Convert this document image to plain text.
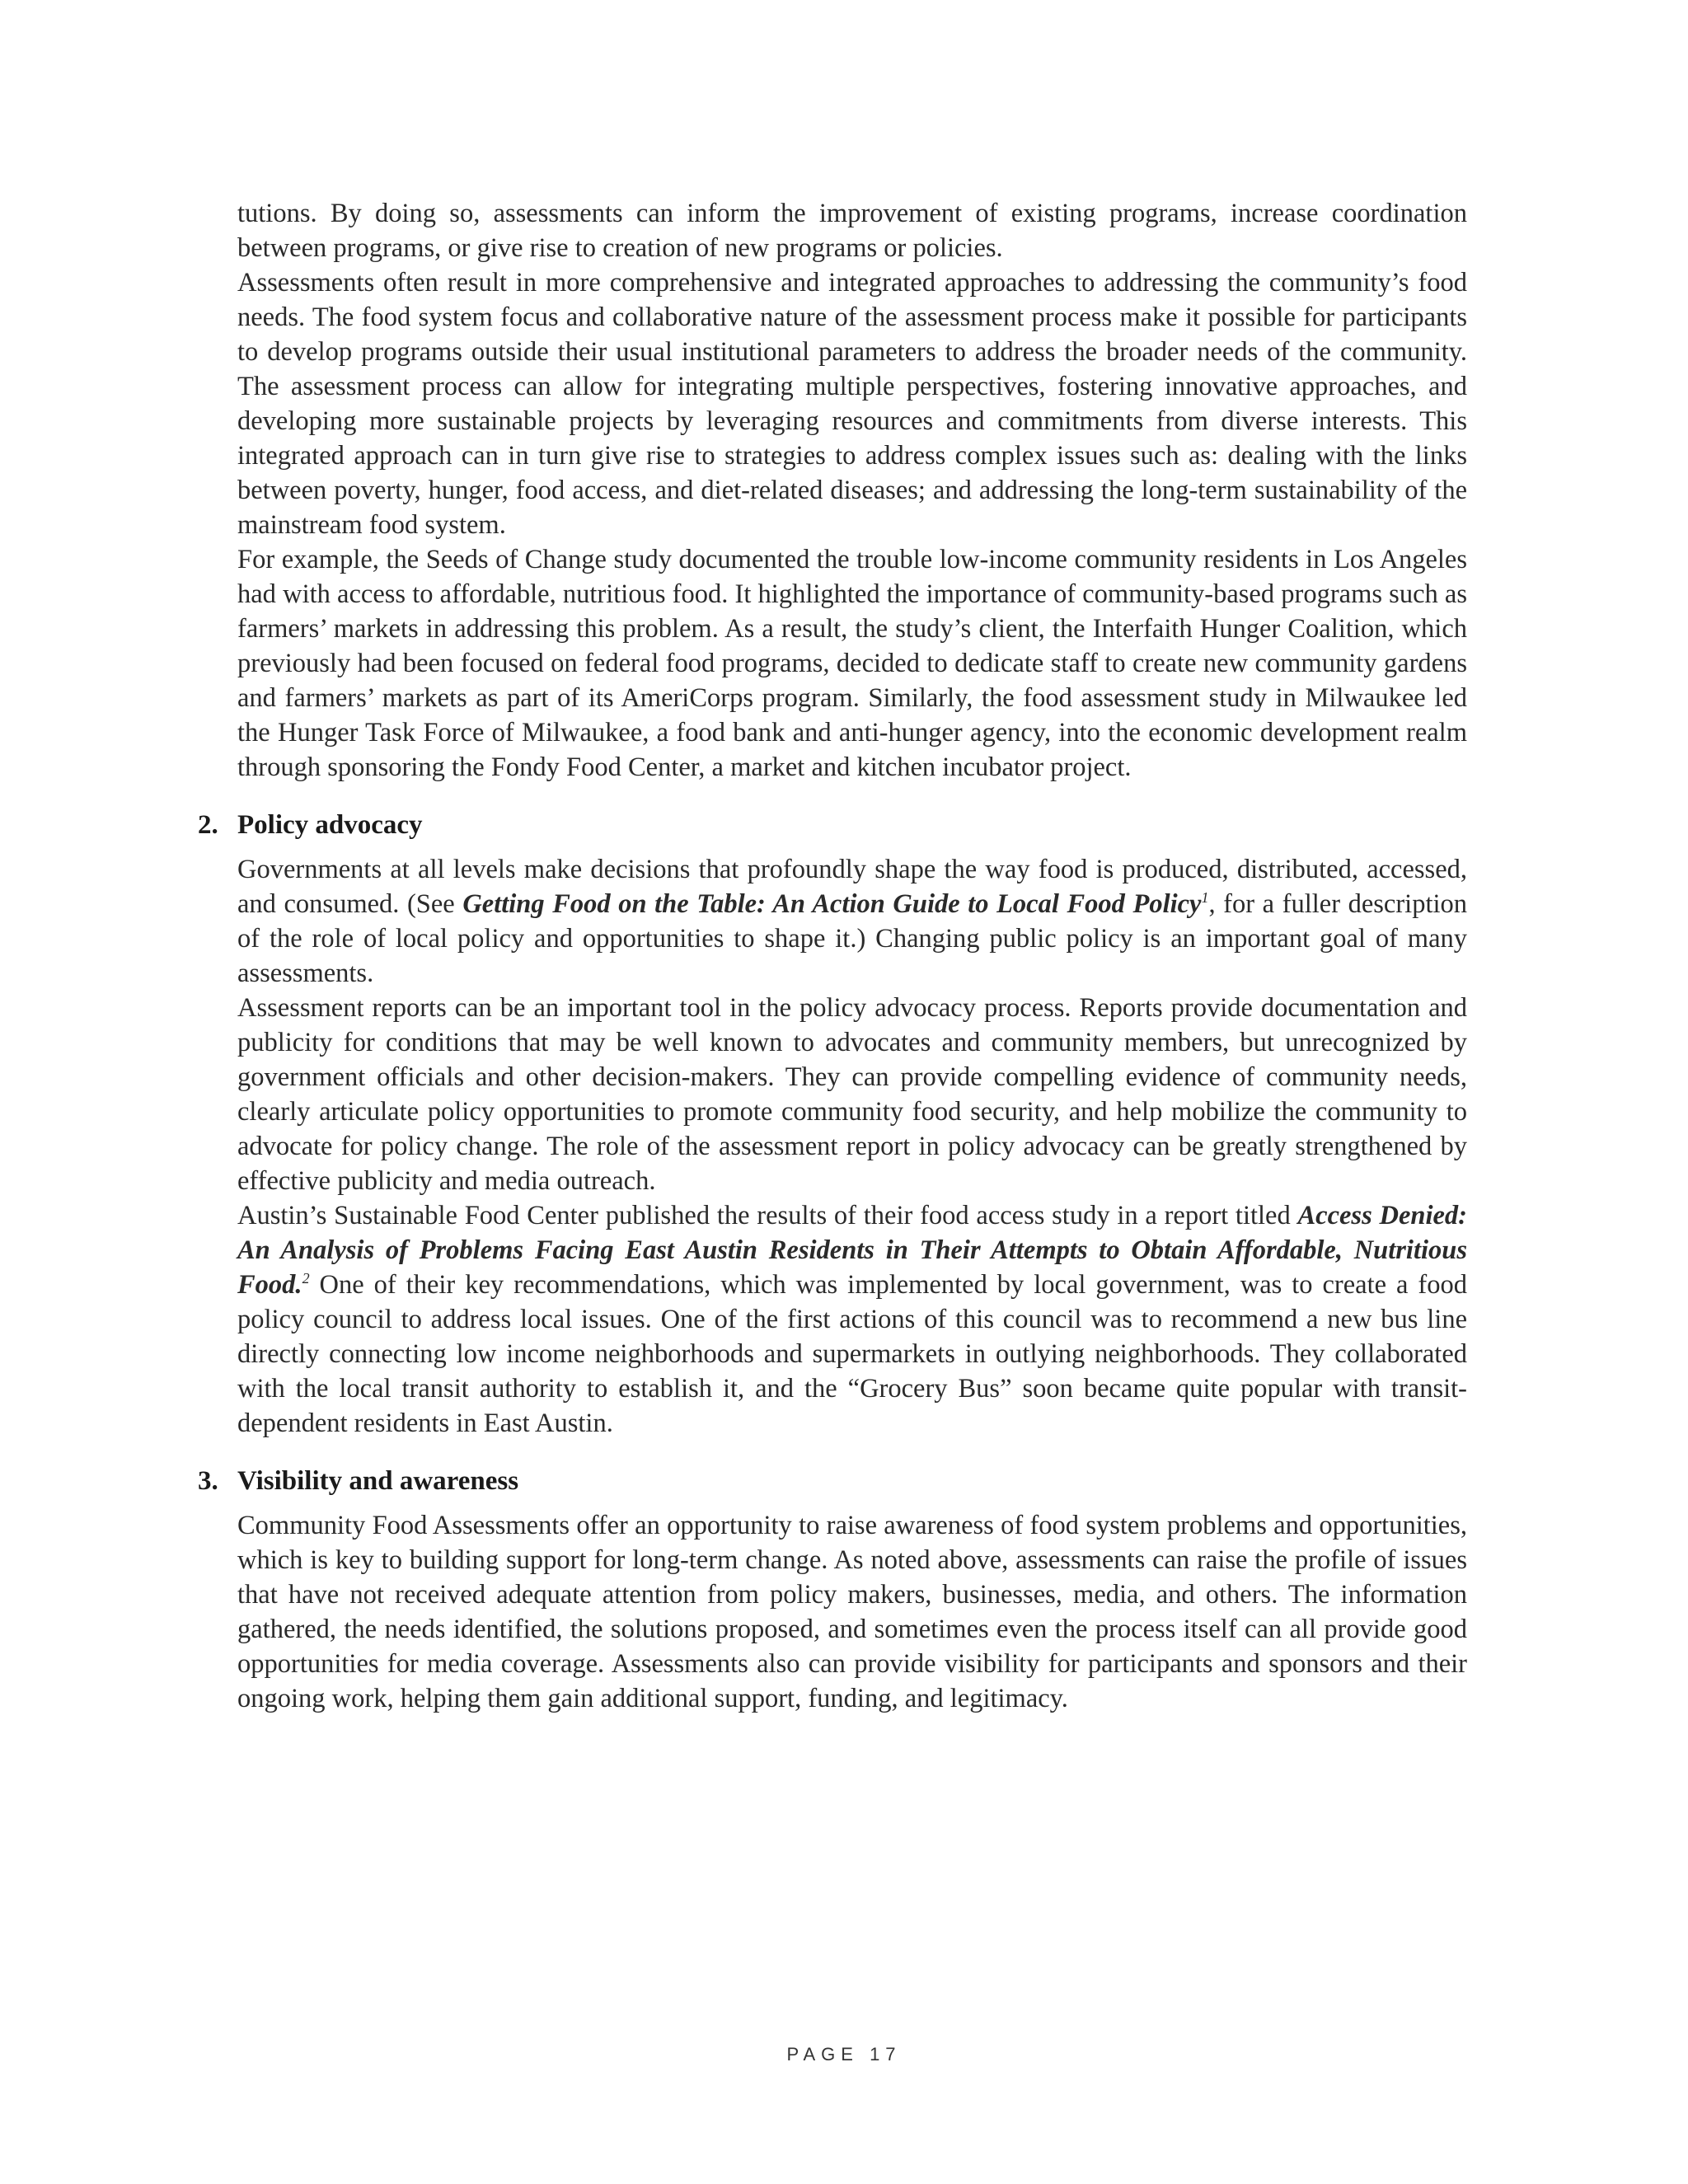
tutions. By doing so, assessments can inform the improvement of existing programs, increase coordination between programs, or give rise to creation of new programs or policies.

Assessments often result in more comprehensive and integrated approaches to addressing the community’s food needs. The food system focus and collaborative nature of the assessment process make it possible for participants to develop programs outside their usual institutional parameters to address the broader needs of the community. The assessment process can allow for integrating multiple perspectives, fostering innovative approaches, and developing more sustainable projects by leveraging resources and commitments from diverse interests. This integrated approach can in turn give rise to strategies to address complex issues such as: dealing with the links between poverty, hunger, food access, and diet-related diseases; and addressing the long-term sustainability of the mainstream food system.

For example, the Seeds of Change study documented the trouble low-income community residents in Los Angeles had with access to affordable, nutritious food. It highlighted the importance of community-based programs such as farmers’ markets in addressing this problem. As a result, the study’s client, the Interfaith Hunger Coalition, which previously had been focused on federal food programs, decided to dedicate staff to create new community gardens and farmers’ markets as part of its AmeriCorps program. Similarly, the food assessment study in Milwaukee led the Hunger Task Force of Milwaukee, a food bank and anti-hunger agency, into the economic development realm through sponsoring the Fondy Food Center, a market and kitchen incubator project.

2. Policy advocacy

Governments at all levels make decisions that profoundly shape the way food is produced, distributed, accessed, and consumed. (See Getting Food on the Table: An Action Guide to Local Food Policy$^1$, for a fuller description of the role of local policy and opportunities to shape it.) Changing public policy is an important goal of many assessments.

Assessment reports can be an important tool in the policy advocacy process. Reports provide documentation and publicity for conditions that may be well known to advocates and community members, but unrecognized by government officials and other decision-makers. They can provide compelling evidence of community needs, clearly articulate policy opportunities to promote community food security, and help mobilize the community to advocate for policy change. The role of the assessment report in policy advocacy can be greatly strengthened by effective publicity and media outreach.

Austin’s Sustainable Food Center published the results of their food access study in a report titled Access Denied: An Analysis of Problems Facing East Austin Residents in Their Attempts to Obtain Affordable, Nutritious Food.$^2$ One of their key recommendations, which was implemented by local government, was to create a food policy council to address local issues. One of the first actions of this council was to recommend a new bus line directly connecting low income neighborhoods and supermarkets in outlying neighborhoods. They collaborated with the local transit authority to establish it, and the “Grocery Bus” soon became quite popular with transit-dependent residents in East Austin.

3. Visibility and awareness

Community Food Assessments offer an opportunity to raise awareness of food system problems and opportunities, which is key to building support for long-term change. As noted above, assessments can raise the profile of issues that have not received adequate attention from policy makers, businesses, media, and others. The information gathered, the needs identified, the solutions proposed, and sometimes even the process itself can all provide good opportunities for media coverage. Assessments also can provide visibility for participants and sponsors and their ongoing work, helping them gain additional support, funding, and legitimacy.

PAGE 17
